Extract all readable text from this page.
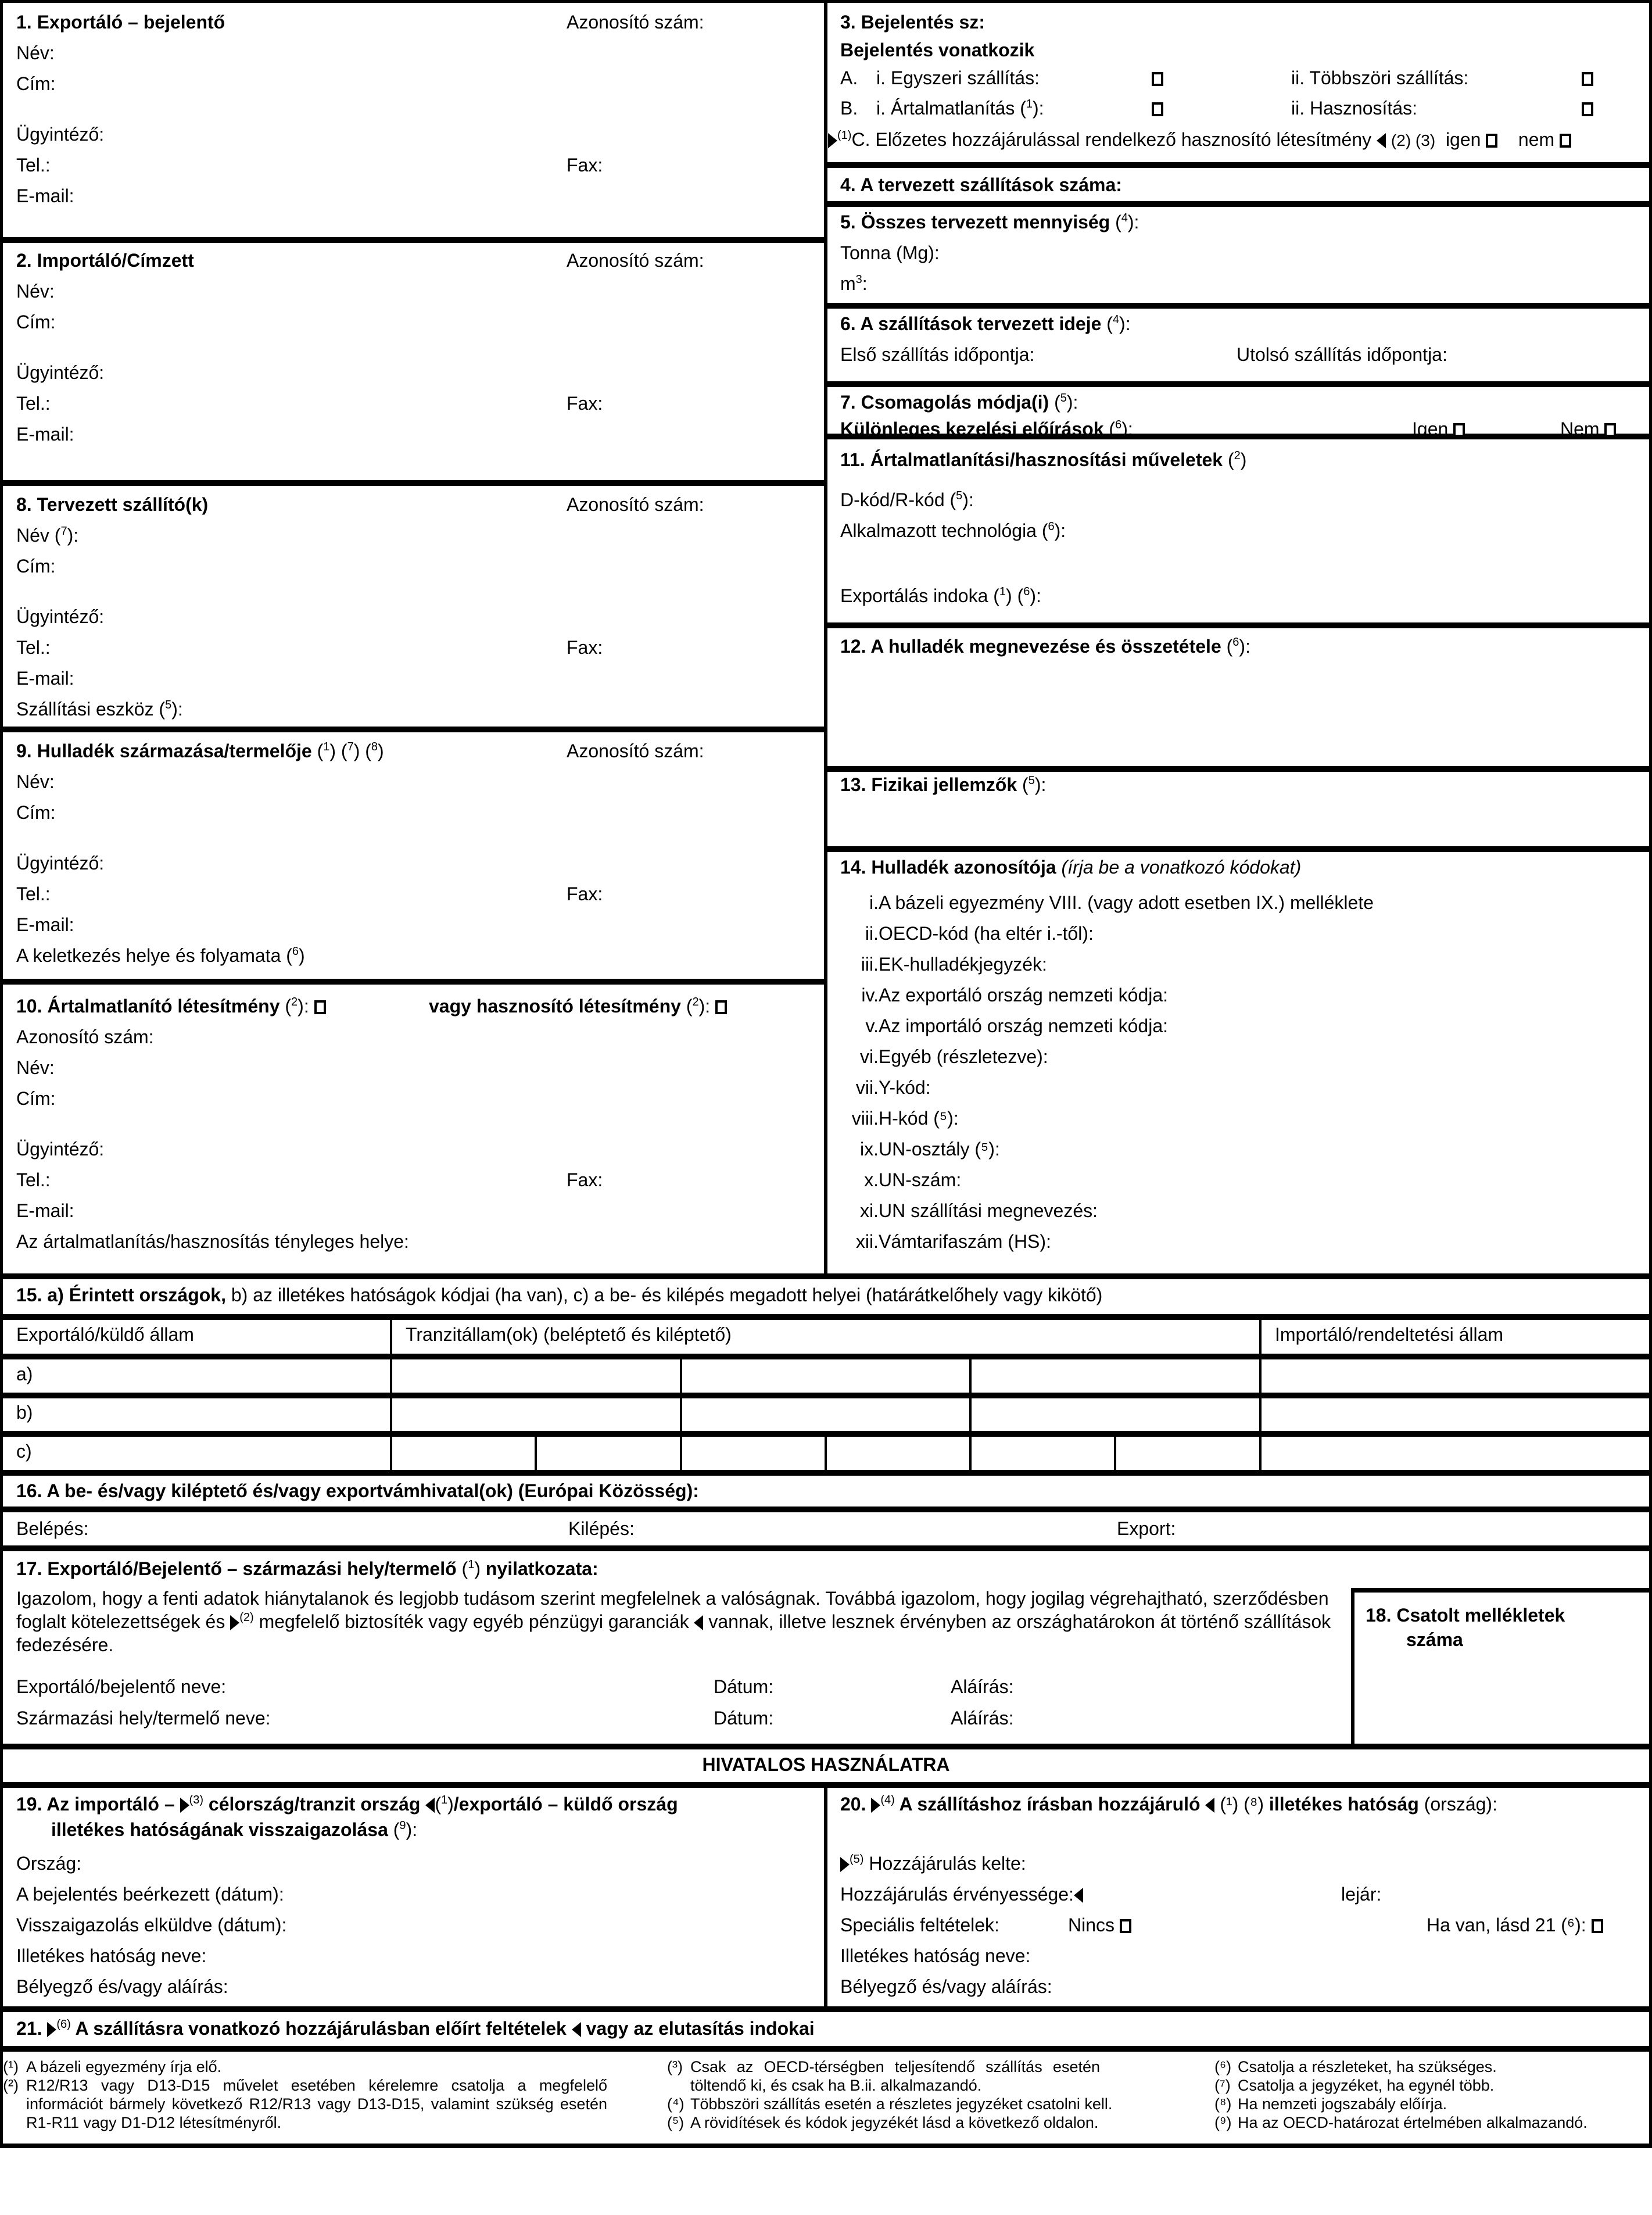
1. Exportáló – bejelentő	Azonosító szám:
Név:
Cím:
Ügyintéző:
Tel.:	Fax:
E-mail:
2. Importáló/Címzett	Azonosító szám:
Név:
Cím:
Ügyintéző:
Tel.:	Fax:
E-mail:
8. Tervezett szállító(k)	Azonosító szám:
Név ($^7$):
Cím:
Ügyintéző:
Tel.:	Fax:
E-mail:
Szállítási eszköz ($^5$):
9. Hulladék származása/termelője ($^1$) ($^7$) ($^8$)	Azonosító szám:
Név:
Cím:
Ügyintéző:
Tel.:	Fax:
E-mail:
A keletkezés helye és folyamata ($^6$)
10. Ártalmatlanító létesítmény ($^2$):	vagy hasznosító létesítmény ($^2$):
Azonosító szám:
Név:
Cím:
Ügyintéző:
Tel.:	Fax:
E-mail:
Az ártalmatlanítás/hasznosítás tényleges helye:
3. Bejelentés sz:
Bejelentés vonatkozik
A. i. Egyszeri szállítás:	ii. Többszöri szállítás:
B. i. Ártalmatlanítás ($^1$):	ii. Hasznosítás:
$^{(1)}$C. Előzetes hozzájárulással rendelkező hasznosító létesítmény (2) (3) igen nem
4. A tervezett szállítások száma:
5. Összes tervezett mennyiség ($^4$):
Tonna (Mg):
$m^3$:
6. A szállítások tervezett ideje ($^4$):
Első szállítás időpontja:	Utolsó szállítás időpontja:
7. Csomagolás módja(i) ($^5$):
Különleges kezelési előírások ($^6$):	Igen	Nem
11. Ártalmatlanítási/hasznosítási műveletek ($^2$)
D-kód/R-kód ($^5$):
Alkalmazott technológia ($^6$):
Exportálás indoka ($^1$) ($^6$):
12. A hulladék megnevezése és összetétele ($^6$):
13. Fizikai jellemzők ($^5$):
14. Hulladék azonosítója (írja be a vonatkozó kódokat)
i. A bázeli egyezmény VIII. (vagy adott esetben IX.) melléklete
ii. OECD-kód (ha eltér i.-től):
iii. EK-hulladékjegyzék:
iv. Az exportáló ország nemzeti kódja:
v. Az importáló ország nemzeti kódja:
vi. Egyéb (részletezve):
vii. Y-kód:
viii. H-kód (⁵):
ix. UN-osztály (⁵):
x. UN-szám:
xi. UN szállítási megnevezés:
xii. Vámtarifaszám (HS):
15. a) Érintett országok, b) az illetékes hatóságok kódjai (ha van), c) a be- és kilépés megadott helyei (határátkelőhely vagy kikötő)
Exportáló/küldő állam	Tranzitállam(ok) (beléptető és kiléptető)	Importáló/rendeltetési állam
a)
b)
c)
16. A be- és/vagy kiléptető és/vagy exportvámhivatal(ok) (Európai Közösség):
Belépés:	Kilépés:	Export:
17. Exportáló/Bejelentő – származási hely/termelő ($^1$) nyilatkozata:
Igazolom, hogy a fenti adatok hiánytalanok és legjobb tudásom szerint megfelelnek a valóságnak. Továbbá igazolom, hogy jogilag végrehajtható, szerződésben foglalt kötelezettségek és $^{(2)}$ megfelelő biztosíték vagy egyéb pénzügyi garanciák vannak, illetve lesznek érvényben az országhatárokon át történő szállítások fedezésére.
Exportáló/bejelentő neve:	Dátum:	Aláírás:
Származási hely/termelő neve:	Dátum:	Aláírás:
18. Csatolt mellékletek
száma
HIVATALOS HASZNÁLATRA
19. Az importáló – $^{(3)}$ célország/tranzit ország ($^1$)/exportáló – küldő ország
illetékes hatóságának visszaigazolása ($^9$):
Ország:
A bejelentés beérkezett (dátum):
Visszaigazolás elküldve (dátum):
Illetékes hatóság neve:
Bélyegző és/vagy aláírás:
20. $^{(4)}$ A szállításhoz írásban hozzájáruló (¹) (⁸) illetékes hatóság (ország):
$^{(5)}$ Hozzájárulás kelte:
Hozzájárulás érvényessége:	lejár:
Speciális feltételek:	Nincs	Ha van, lásd 21 (⁶):
Illetékes hatóság neve:
Bélyegző és/vagy aláírás:
21. $^{(6)}$ A szállításra vonatkozó hozzájárulásban előírt feltételek vagy az elutasítás indokai
(¹) A bázeli egyezmény írja elő.
(²) R12/R13 vagy D13-D15 művelet esetében kérelemre csatolja a megfelelő információt bármely következő R12/R13 vagy D13-D15, valamint szükség esetén R1-R11 vagy D1-D12 létesítményről.
(³) Csak az OECD-térségben teljesítendő szállítás esetén töltendő ki, és csak ha B.ii. alkalmazandó.
(⁴) Többszöri szállítás esetén a részletes jegyzéket csatolni kell.
(⁵) A rövidítések és kódok jegyzékét lásd a következő oldalon.
(⁶) Csatolja a részleteket, ha szükséges.
(⁷) Csatolja a jegyzéket, ha egynél több.
(⁸) Ha nemzeti jogszabály előírja.
(⁹) Ha az OECD-határozat értelmében alkalmazandó.
